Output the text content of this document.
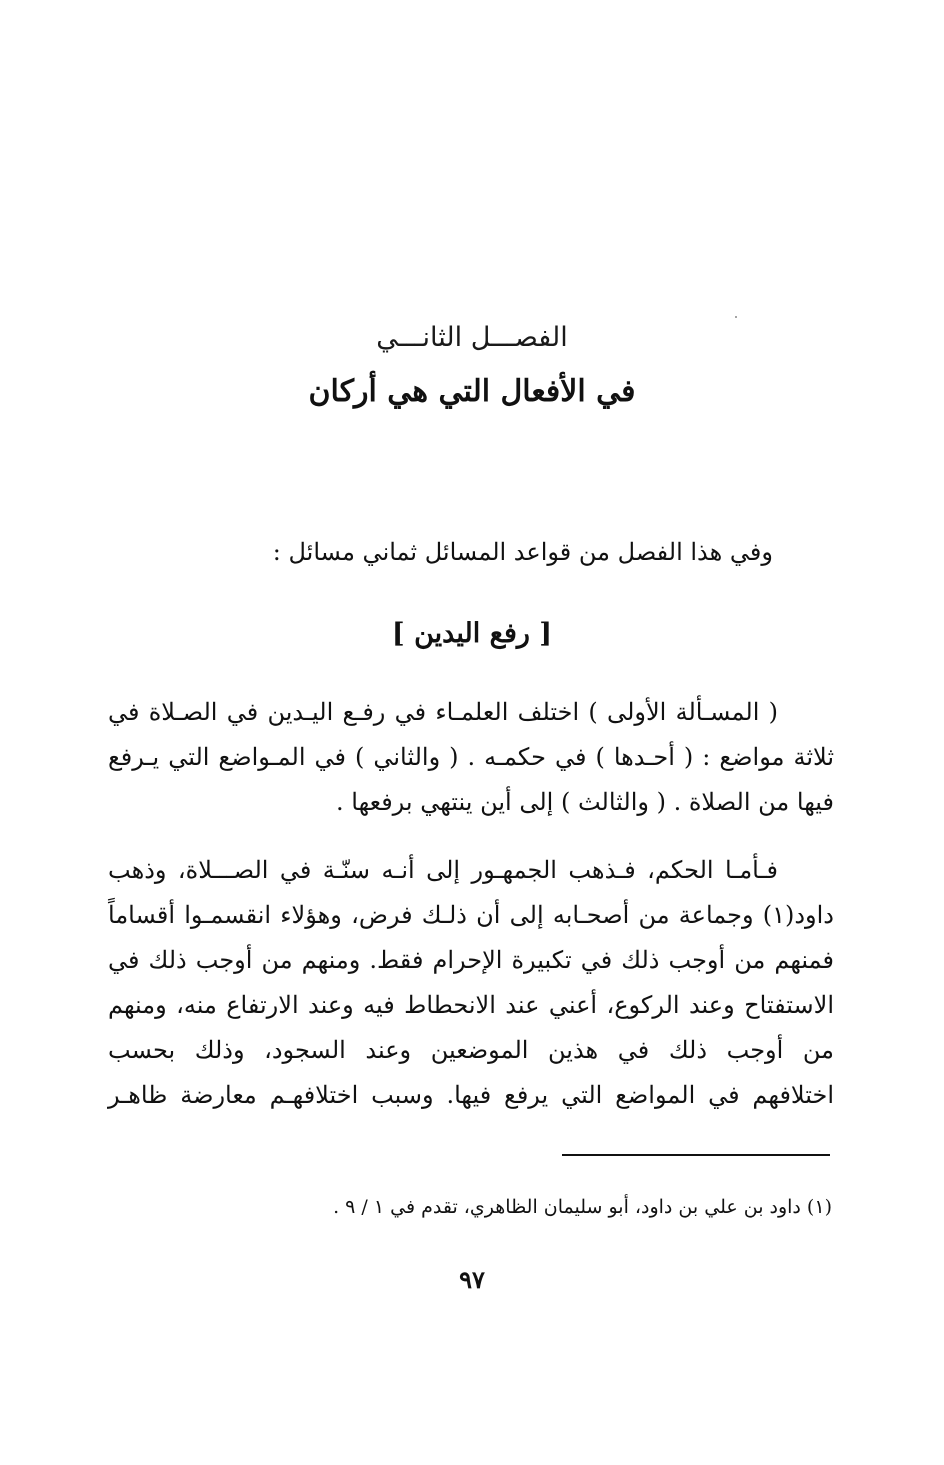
الفصـــل الثانـــي
في الأفعال التي هي أركان
وفي هذا الفصل من قواعد المسائل ثماني مسائل :
[ رفع اليدين ]
( المسـألة الأولى ) اختلف العلمـاء في رفـع اليـدين في الصـلاة في
ثلاثة مواضع : ( أحـدها ) في حكمـه . ( والثاني ) في المـواضع التي يـرفع
فيها من الصلاة . ( والثالث ) إلى أين ينتهي برفعها .
فـأمـا الحكم، فـذهب الجمهـور إلى أنـه سنّـة في الصـــلاة، وذهب
داود(١) وجماعة من أصحـابه إلى أن ذلـك فرض، وهؤلاء انقسمـوا أقساماً
فمنهم من أوجب ذلك في تكبيرة الإحرام فقط. ومنهم من أوجب ذلك في
الاستفتاح وعند الركوع، أعني عند الانحطاط فيه وعند الارتفاع منه، ومنهم
من أوجب ذلك في هذين الموضعين وعند السجود، وذلك بحسب
اختلافهم في المواضع التي يرفع فيها. وسبب اختلافهـم معارضة ظاهـر
(١) داود بن علي بن داود، أبو سليمان الظاهري، تقدم في ١ / ٩ .
٩٧
